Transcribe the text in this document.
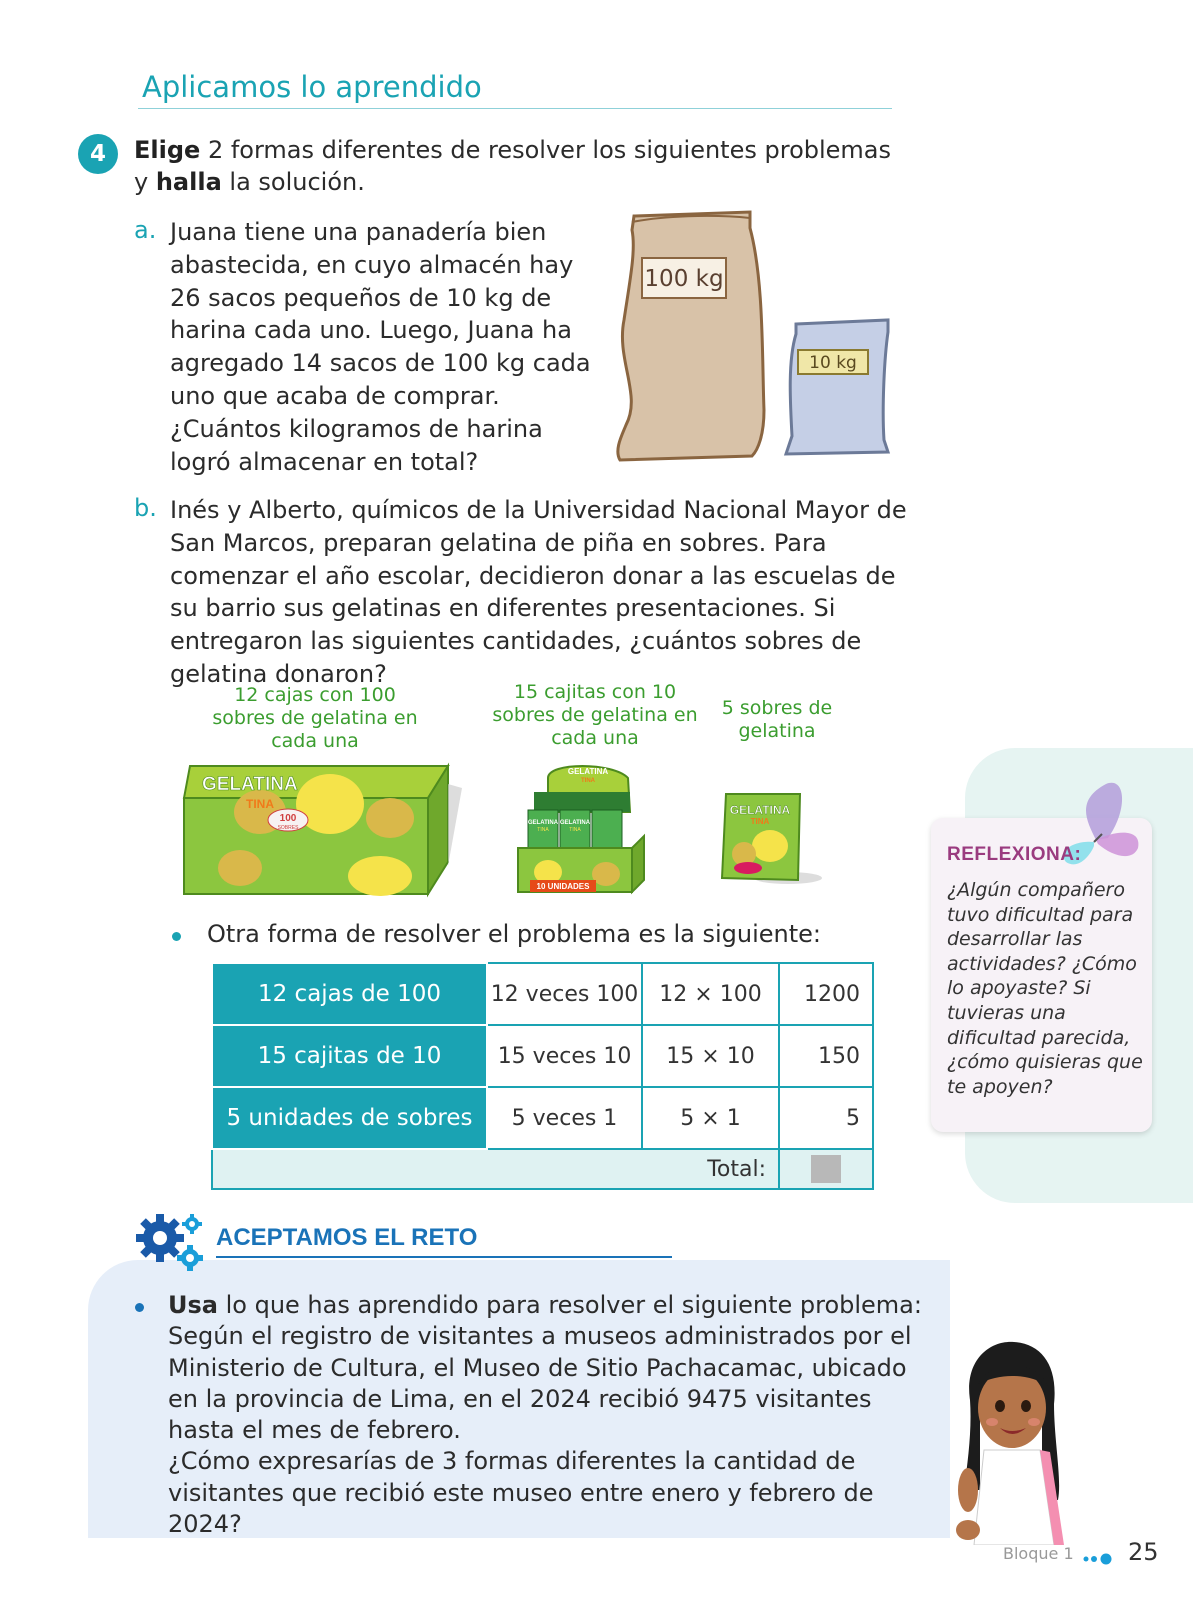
Aplicamos lo aprendido
4	Elige 2 formas diferentes de resolver los siguientes problemas y halla la solución.
a. Juana tiene una panadería bien abastecida, en cuyo almacén hay 26 sacos pequeños de 10 kg de harina cada uno. Luego, Juana ha agregado 14 sacos de 100 kg cada uno que acaba de comprar. ¿Cuántos kilogramos de harina logró almacenar en total?
100 kg
10 kg
b. Inés y Alberto, químicos de la Universidad Nacional Mayor de San Marcos, preparan gelatina de piña en sobres. Para comenzar el año escolar, decidieron donar a las escuelas de su barrio sus gelatinas en diferentes presentaciones. Si entregaron las siguientes cantidades, ¿cuántos sobres de gelatina donaron?
12 cajas con 100 sobres de gelatina en cada una
15 cajitas con 10 sobres de gelatina en cada una
5 sobres de gelatina
GELATINA
TINA
100
SOBRES
GELATINA
TINA
GELATINA
TINA
GELATINA
TINA
10 UNIDADES
GELATINA
TINA
Otra forma de resolver el problema es la siguiente:
12 cajas de 100	12 veces 100	12 × 100	1200
15 cajitas de 10	15 veces 10	15 × 10	150
5 unidades de sobres	5 veces 1	5 × 1	5
Total:			
REFLEXIONA:
¿Algún compañero tuvo dificultad para desarrollar las actividades? ¿Cómo lo apoyaste? Si tuvieras una dificultad parecida, ¿cómo quisieras que te apoyen?
ACEPTAMOS EL RETO
Usa lo que has aprendido para resolver el siguiente problema:
Según el registro de visitantes a museos administrados por el Ministerio de Cultura, el Museo de Sitio Pachacamac, ubicado en la provincia de Lima, en el 2024 recibió 9475 visitantes hasta el mes de febrero.
¿Cómo expresarías de 3 formas diferentes la cantidad de visitantes que recibió este museo entre enero y febrero de 2024?
Bloque 1 25
